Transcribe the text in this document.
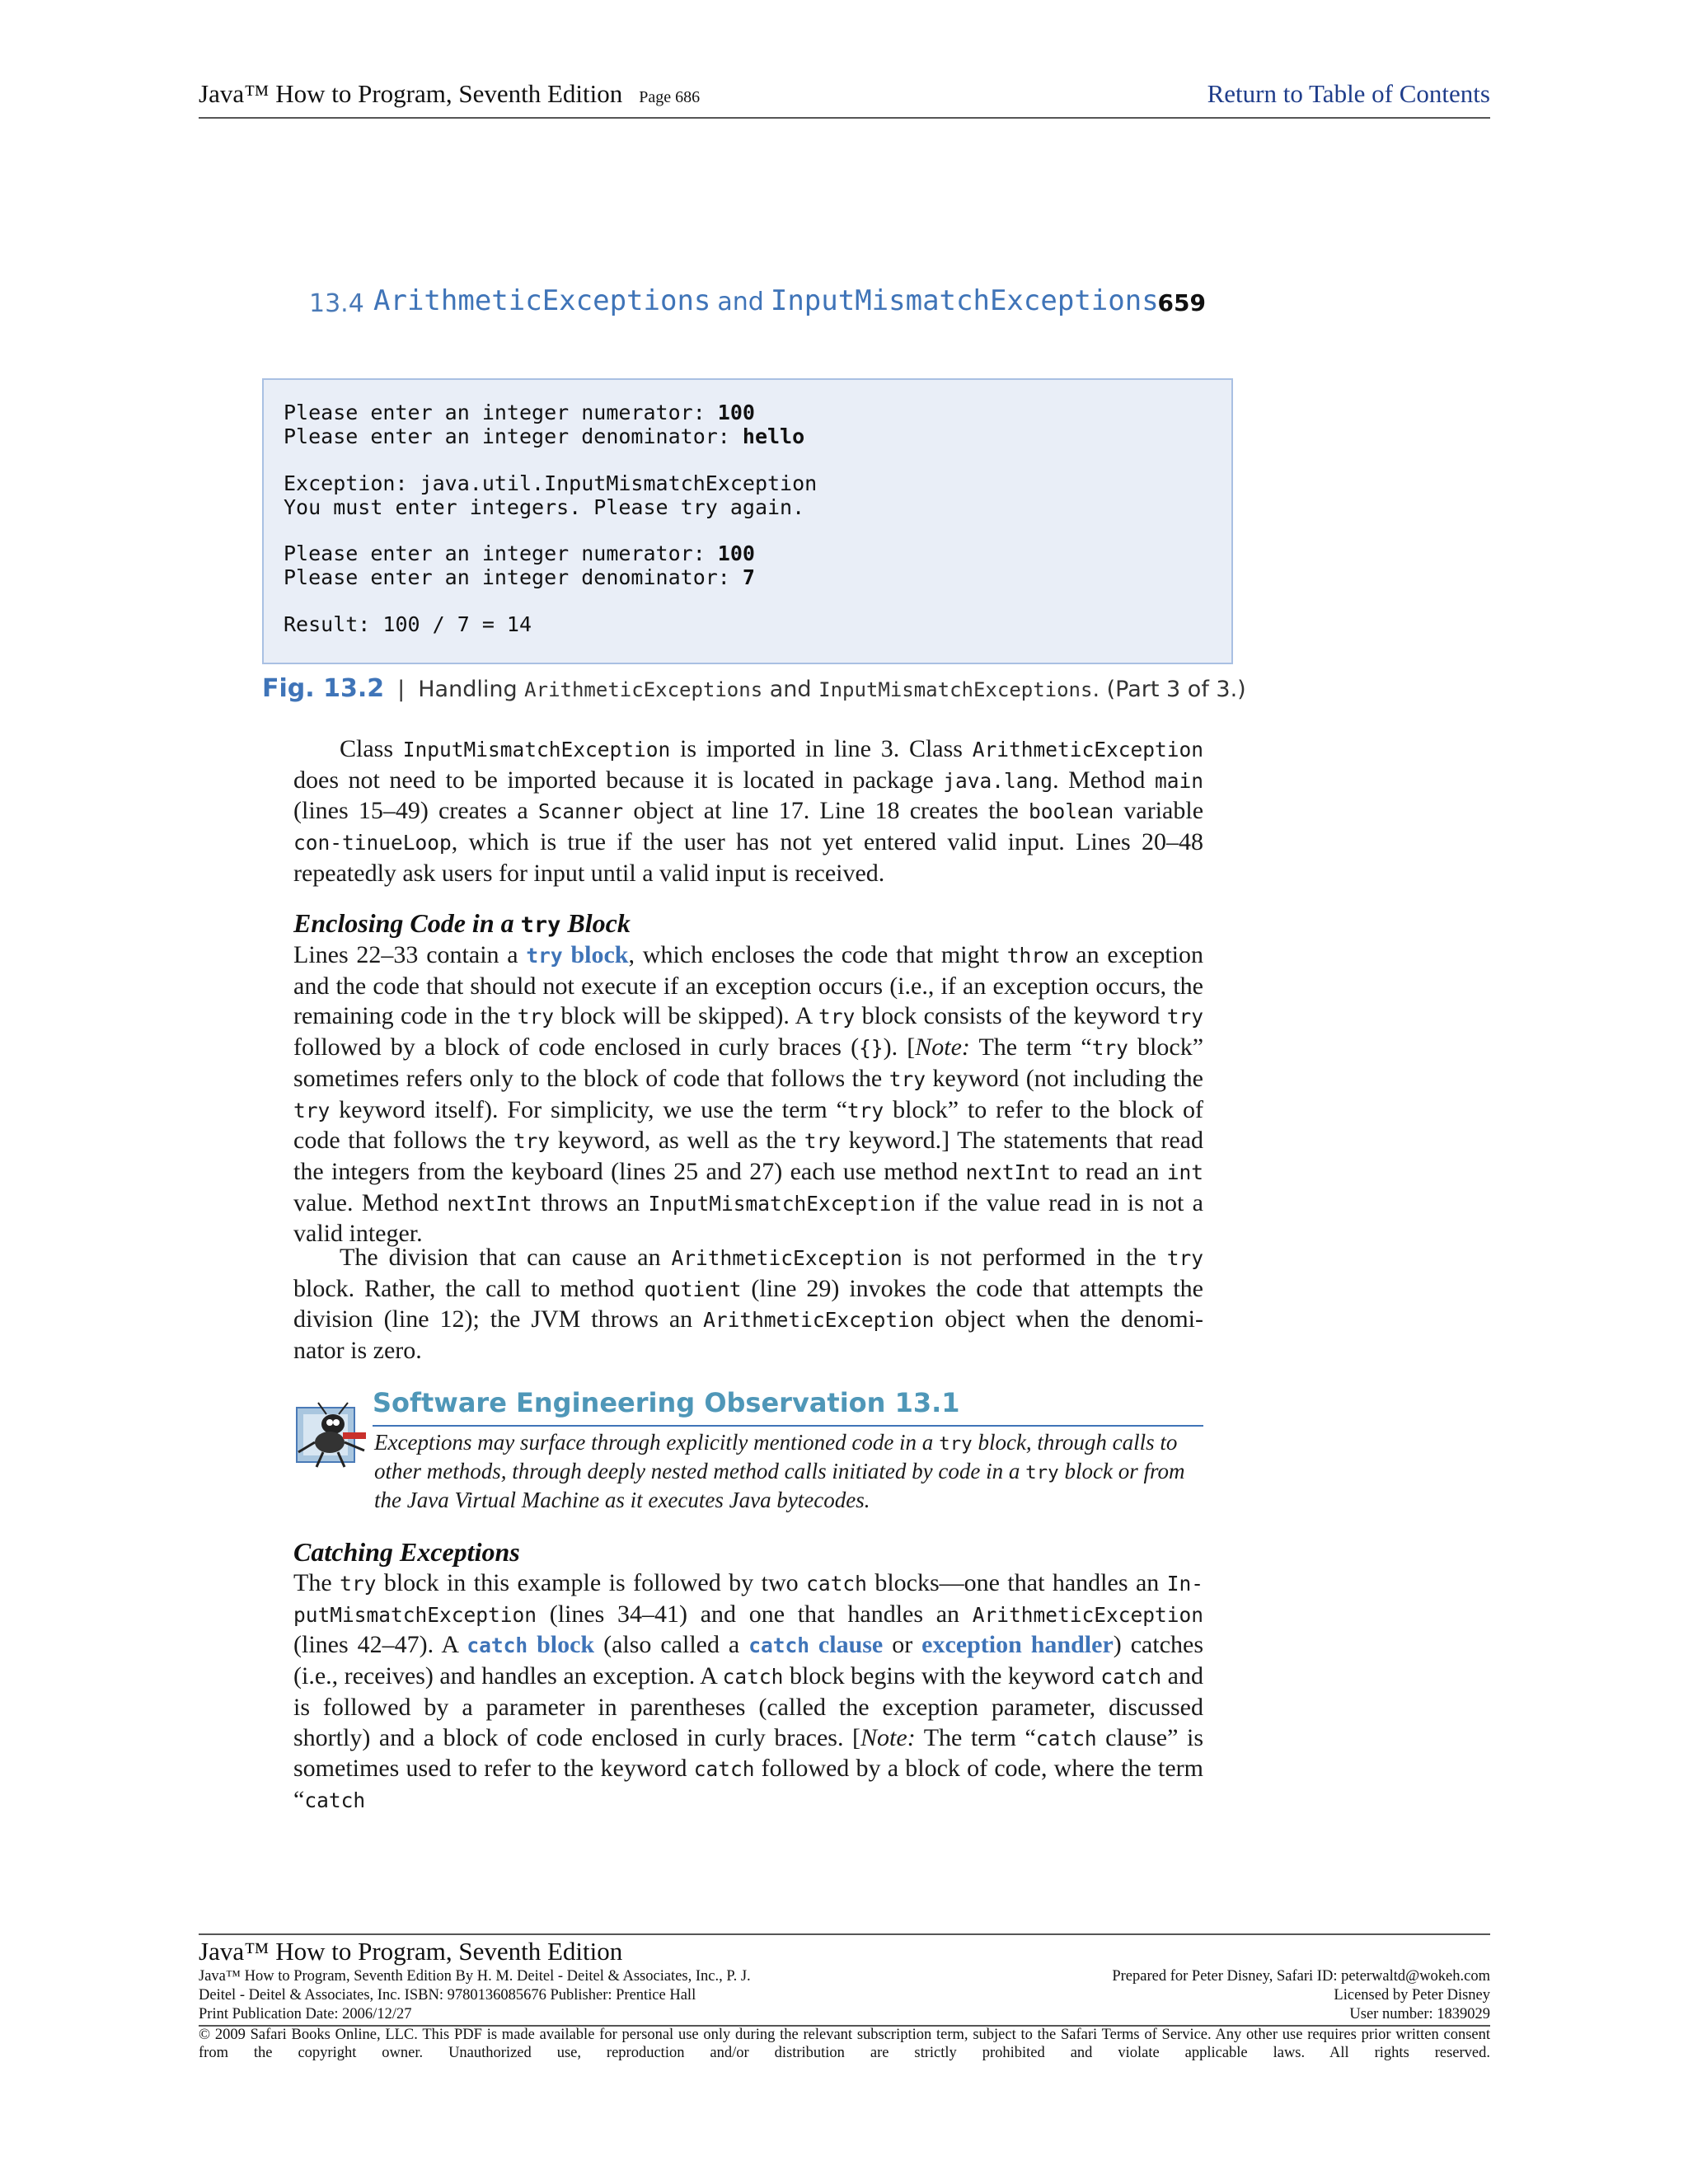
Java™ How to Program, Seventh Edition Page 686	Return to Table of Contents
13.4 ArithmeticExceptions and InputMismatchExceptions
659
Please enter an integer numerator: 100
Please enter an integer denominator: hello
Exception: java.util.InputMismatchException
You must enter integers. Please try again.
Please enter an integer numerator: 100
Please enter an integer denominator: 7
Result: 100 / 7 = 14
Fig. 13.2 | Handling ArithmeticExceptions and InputMismatchExceptions. (Part 3 of 3.)
Class InputMismatchException is imported in line 3. Class ArithmeticException does not need to be imported because it is located in package java.lang. Method main (lines 15–49) creates a Scanner object at line 17. Line 18 creates the boolean variable con-tinueLoop, which is true if the user has not yet entered valid input. Lines 20–48 repeatedly ask users for input until a valid input is received.
Enclosing Code in a try Block
Lines 22–33 contain a try block, which encloses the code that might throw an exception and the code that should not execute if an exception occurs (i.e., if an exception occurs, the remaining code in the try block will be skipped). A try block consists of the keyword try followed by a block of code enclosed in curly braces ({}). [Note: The term “try block” sometimes refers only to the block of code that follows the try keyword (not including the try keyword itself). For simplicity, we use the term “try block” to refer to the block of code that follows the try keyword, as well as the try keyword.] The statements that read the integers from the keyboard (lines 25 and 27) each use method nextInt to read an int value. Method nextInt throws an InputMismatchException if the value read in is not a valid integer.
The division that can cause an ArithmeticException is not performed in the try block. Rather, the call to method quotient (line 29) invokes the code that attempts the division (line 12); the JVM throws an ArithmeticException object when the denomi-nator is zero.
Software Engineering Observation 13.1
Exceptions may surface through explicitly mentioned code in a try block, through calls to other methods, through deeply nested method calls initiated by code in a try block or from the Java Virtual Machine as it executes Java bytecodes.
Catching Exceptions
The try block in this example is followed by two catch blocks—one that handles an In-putMismatchException (lines 34–41) and one that handles an ArithmeticException (lines 42–47). A catch block (also called a catch clause or exception handler) catches (i.e., receives) and handles an exception. A catch block begins with the keyword catch and is followed by a parameter in parentheses (called the exception parameter, discussed shortly) and a block of code enclosed in curly braces. [Note: The term “catch clause” is sometimes used to refer to the keyword catch followed by a block of code, where the term “catch
Java™ How to Program, Seventh Edition
Java™ How to Program, Seventh Edition By H. M. Deitel - Deitel & Associates, Inc., P. J.
Deitel - Deitel & Associates, Inc. ISBN: 9780136085676 Publisher: Prentice Hall
Print Publication Date: 2006/12/27
Prepared for Peter Disney, Safari ID: peterwaltd@wokeh.com
Licensed by Peter Disney
User number: 1839029
© 2009 Safari Books Online, LLC. This PDF is made available for personal use only during the relevant subscription term, subject to the Safari Terms of Service. Any other use requires prior written consent from the copyright owner. Unauthorized use, reproduction and/or distribution are strictly prohibited and violate applicable laws. All rights reserved.
